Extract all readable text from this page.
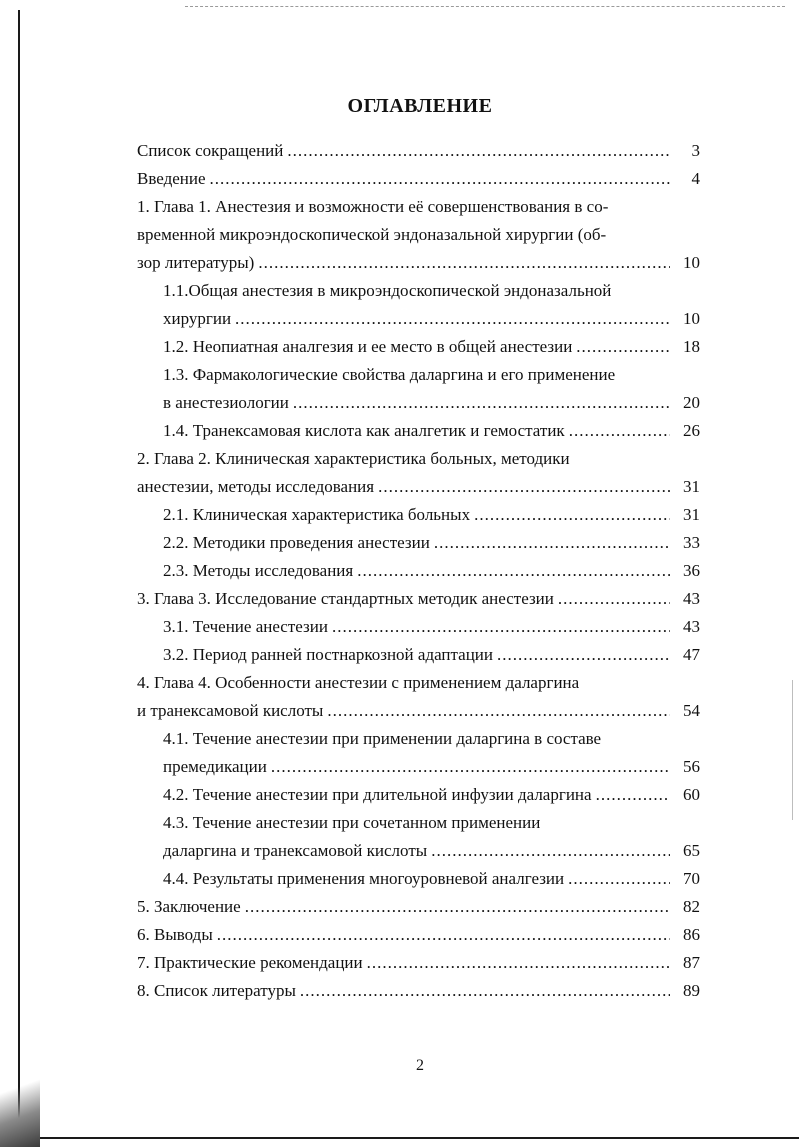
ОГЛАВЛЕНИЕ
Список сокращений .....	3
Введение .....	4
1. Глава 1. Анестезия и возможности её совершенствования в со-
временной микроэндоскопической эндоназальной хирургии (об-
зор литературы) .....	10
1.1.Общая анестезия в микроэндоскопической эндоназальной
хирургии .....	10
1.2. Неопиатная аналгезия и ее место в общей анестезии .....	18
1.3. Фармакологические свойства даларгина и его применение
в анестезиологии .....	20
1.4. Транексамовая кислота как аналгетик и гемостатик .....	26
2. Глава 2. Клиническая характеристика больных, методики
анестезии, методы исследования .....	31
2.1. Клиническая характеристика больных .....	31
2.2. Методики проведения анестезии .....	33
2.3. Методы исследования .....	36
3. Глава 3. Исследование стандартных методик анестезии .....	43
3.1. Течение анестезии .....	43
3.2. Период ранней постнаркозной адаптации .....	47
4. Глава 4. Особенности анестезии с применением даларгина
и транексамовой кислоты .....	54
4.1. Течение анестезии при применении даларгина в составе
премедикации .....	56
4.2. Течение анестезии при длительной инфузии даларгина .....	60
4.3. Течение анестезии при сочетанном применении
даларгина и транексамовой кислоты .....	65
4.4. Результаты применения многоуровневой аналгезии .....	70
5. Заключение .....	82
6. Выводы .....	86
7. Практические рекомендации .....	87
8. Список литературы .....	89
2
